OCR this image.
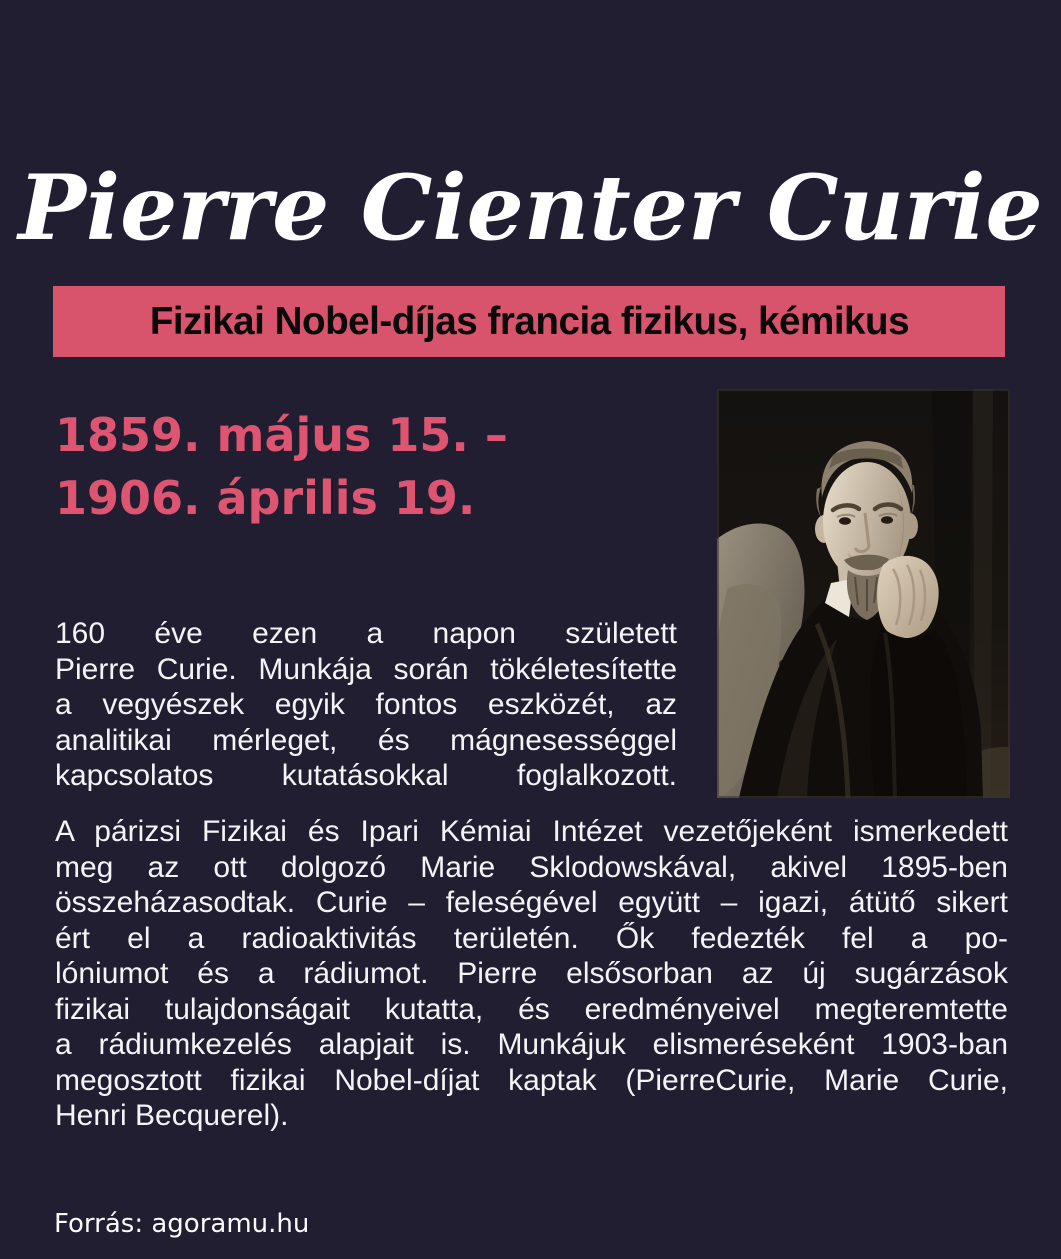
Pierre Cienter Curie
Fizikai Nobel-díjas francia fizikus, kémikus
1859. május 15. –
1906. április 19.

160 éve ezen a napon született

Pierre Curie. Munkája során tökéletesítette

a vegyészek egyik fontos eszközét, az

analitikai mérleget, és mágnesességgel

kapcsolatos kutatásokkal foglalkozott.

A párizsi Fizikai és Ipari Kémiai Intézet vezetőjeként ismerkedett

meg az ott dolgozó Marie Sklodowskával, akivel 1895-ben

összeházasodtak. Curie – feleségével együtt – igazi, átütő sikert

ért el a radioaktivitás területén. Ők fedezték fel a po-

lóniumot és a rádiumot. Pierre elsősorban az új sugárzások

fizikai tulajdonságait kutatta, és eredményeivel megteremtette

a rádiumkezelés alapjait is. Munkájuk elismeréseként 1903-ban

megosztott fizikai Nobel-díjat kaptak (PierreCurie, Marie Curie,

Henri Becquerel).

Forrás: agoramu.hu
